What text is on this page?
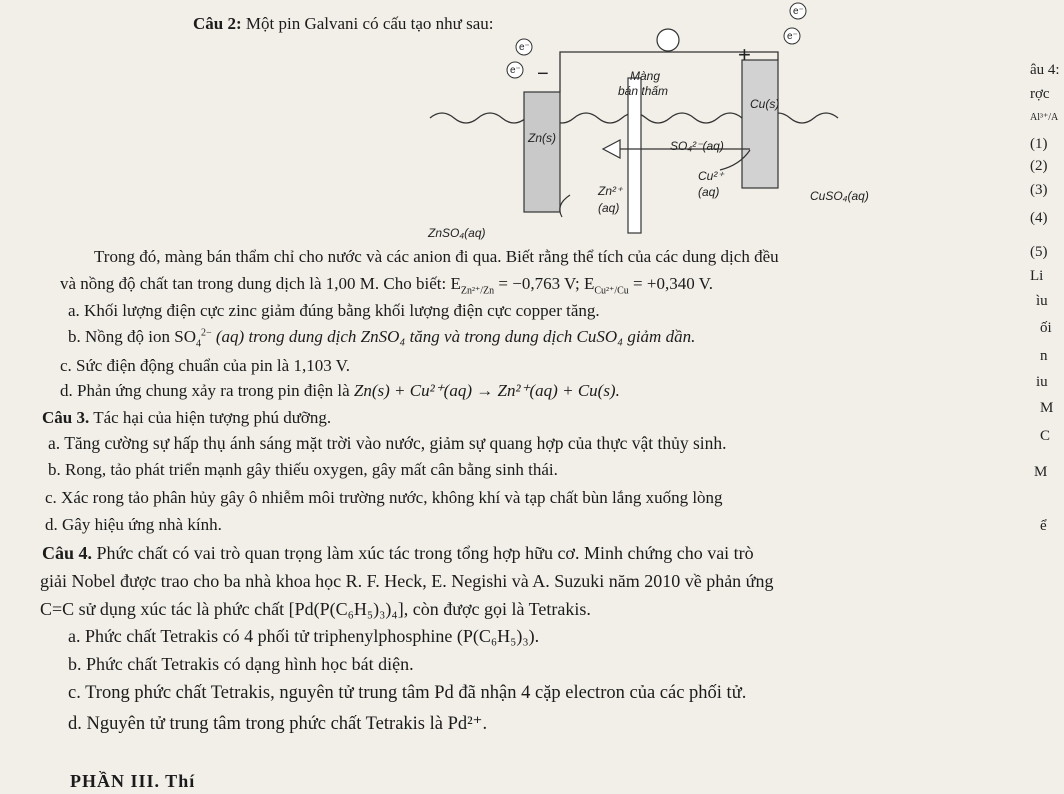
Câu 2: Một pin Galvani có cấu tạo như sau:
e⁻
e⁻
e⁻
e⁻
−
+
Màng
bán thấm
Cu(s)
Zn(s)
SO₄²⁻(aq)
Zn²⁺
(aq)
Cu²⁺
(aq)	CuSO₄(aq)
ZnSO₄(aq)
Trong đó, màng bán thẩm chỉ cho nước và các anion đi qua. Biết rằng thể tích của các dung dịch đều
và nồng độ chất tan trong dung dịch là 1,00 M. Cho biết: $E_{Zn^{2+}/Zn} = -0,763$ V; $E_{Cu^{2+}/Cu} = +0,340$ V.
a. Khối lượng điện cực zinc giảm đúng bằng khối lượng điện cực copper tăng.
b. Nồng độ ion $SO_4^{2-}$ (aq) trong dung dịch ZnSO₄ tăng và trong dung dịch CuSO₄ giảm dần.
c. Sức điện động chuẩn của pin là 1,103 V.
d. Phản ứng chung xảy ra trong pin điện là Zn(s) + Cu²⁺(aq) → Zn²⁺(aq) + Cu(s).
Câu 3. Tác hại của hiện tượng phú dưỡng.
a. Tăng cường sự hấp thụ ánh sáng mặt trời vào nước, giảm sự quang hợp của thực vật thủy sinh.
b. Rong, tảo phát triển mạnh gây thiếu oxygen, gây mất cân bằng sinh thái.
c. Xác rong tảo phân hủy gây ô nhiễm môi trường nước, không khí và tạp chất bùn lắng xuống lòng
d. Gây hiệu ứng nhà kính.
Câu 4. Phức chất có vai trò quan trọng làm xúc tác trong tổng hợp hữu cơ. Minh chứng cho vai trò
giải Nobel được trao cho ba nhà khoa học R. F. Heck, E. Negishi và A. Suzuki năm 2010 về phản ứng
C=C sử dụng xúc tác là phức chất [Pd(P(C₆H₅)₃)₄], còn được gọi là Tetrakis.
a. Phức chất Tetrakis có 4 phối tử triphenylphosphine (P(C₆H₅)₃).
b. Phức chất Tetrakis có dạng hình học bát diện.
c. Trong phức chất Tetrakis, nguyên tử trung tâm Pd đã nhận 4 cặp electron của các phối tử.
d. Nguyên tử trung tâm trong phức chất Tetrakis là Pd²⁺.
PHẦN III. Thí
âu 4:
rợc
Al³⁺/A
(1)
(2)
(3)
(4)
(5)
Li
ìu
ối
n
iu
M
C
M
ể
